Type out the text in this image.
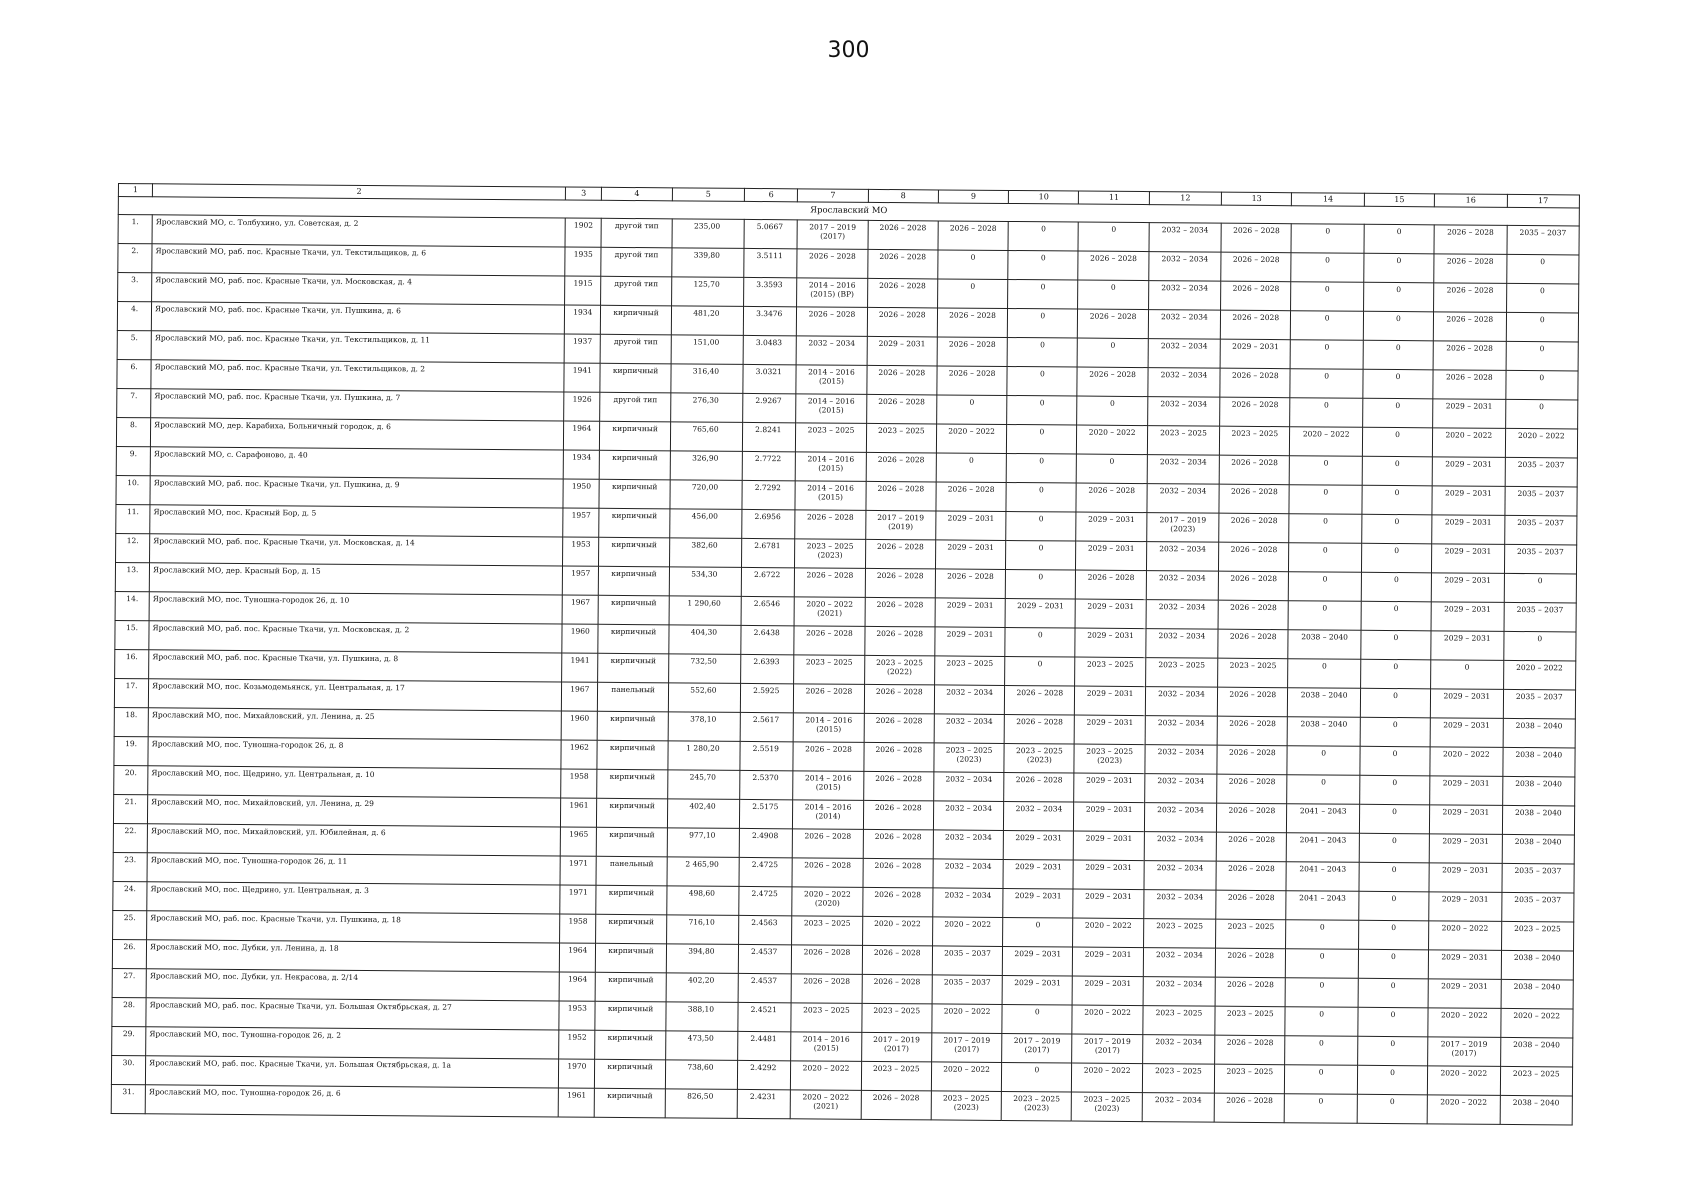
300
1	2	3	4	5	6	7	8	9	10	11	12	13	14	15	16	17
Ярославский МО																
1.	Ярославский МО, с. Толбухино, ул. Советская, д. 2	1902	другой тип	235,00	5.0667	2017 – 2019 (2017)	2026 – 2028	2026 – 2028	0	0	2032 – 2034	2026 – 2028	0	0	2026 – 2028	2035 – 2037
2.	Ярославский МО, раб. пос. Красные Ткачи, ул. Текстильщиков, д. 6	1935	другой тип	339,80	3.5111	2026 – 2028	2026 – 2028	0	0	2026 – 2028	2032 – 2034	2026 – 2028	0	0	2026 – 2028	0
3.	Ярославский МО, раб. пос. Красные Ткачи, ул. Московская, д. 4	1915	другой тип	125,70	3.3593	2014 – 2016 (2015) (ВР)	2026 – 2028	0	0	0	2032 – 2034	2026 – 2028	0	0	2026 – 2028	0
4.	Ярославский МО, раб. пос. Красные Ткачи, ул. Пушкина, д. 6	1934	кирпичный	481,20	3.3476	2026 – 2028	2026 – 2028	2026 – 2028	0	2026 – 2028	2032 – 2034	2026 – 2028	0	0	2026 – 2028	0
5.	Ярославский МО, раб. пос. Красные Ткачи, ул. Текстильщиков, д. 11	1937	другой тип	151,00	3.0483	2032 – 2034	2029 – 2031	2026 – 2028	0	0	2032 – 2034	2029 – 2031	0	0	2026 – 2028	0
6.	Ярославский МО, раб. пос. Красные Ткачи, ул. Текстильщиков, д. 2	1941	кирпичный	316,40	3.0321	2014 – 2016 (2015)	2026 – 2028	2026 – 2028	0	2026 – 2028	2032 – 2034	2026 – 2028	0	0	2026 – 2028	0
7.	Ярославский МО, раб. пос. Красные Ткачи, ул. Пушкина, д. 7	1926	другой тип	276,30	2.9267	2014 – 2016 (2015)	2026 – 2028	0	0	0	2032 – 2034	2026 – 2028	0	0	2029 – 2031	0
8.	Ярославский МО, дер. Карабиха, Больничный городок, д. 6	1964	кирпичный	765,60	2.8241	2023 – 2025	2023 – 2025	2020 – 2022	0	2020 – 2022	2023 – 2025	2023 – 2025	2020 – 2022	0	2020 – 2022	2020 – 2022
9.	Ярославский МО, с. Сарафоново, д. 40	1934	кирпичный	326,90	2.7722	2014 – 2016 (2015)	2026 – 2028	0	0	0	2032 – 2034	2026 – 2028	0	0	2029 – 2031	2035 – 2037
10.	Ярославский МО, раб. пос. Красные Ткачи, ул. Пушкина, д. 9	1950	кирпичный	720,00	2.7292	2014 – 2016 (2015)	2026 – 2028	2026 – 2028	0	2026 – 2028	2032 – 2034	2026 – 2028	0	0	2029 – 2031	2035 – 2037
11.	Ярославский МО, пос. Красный Бор, д. 5	1957	кирпичный	456,00	2.6956	2026 – 2028	2017 – 2019 (2019)	2029 – 2031	0	2029 – 2031	2017 – 2019 (2023)	2026 – 2028	0	0	2029 – 2031	2035 – 2037
12.	Ярославский МО, раб. пос. Красные Ткачи, ул. Московская, д. 14	1953	кирпичный	382,60	2.6781	2023 – 2025 (2023)	2026 – 2028	2029 – 2031	0	2029 – 2031	2032 – 2034	2026 – 2028	0	0	2029 – 2031	2035 – 2037
13.	Ярославский МО, дер. Красный Бор, д. 15	1957	кирпичный	534,30	2.6722	2026 – 2028	2026 – 2028	2026 – 2028	0	2026 – 2028	2032 – 2034	2026 – 2028	0	0	2029 – 2031	0
14.	Ярославский МО, пос. Туношна-городок 26, д. 10	1967	кирпичный	1 290,60	2.6546	2020 – 2022 (2021)	2026 – 2028	2029 – 2031	2029 – 2031	2029 – 2031	2032 – 2034	2026 – 2028	0	0	2029 – 2031	2035 – 2037
15.	Ярославский МО, раб. пос. Красные Ткачи, ул. Московская, д. 2	1960	кирпичный	404,30	2.6438	2026 – 2028	2026 – 2028	2029 – 2031	0	2029 – 2031	2032 – 2034	2026 – 2028	2038 – 2040	0	2029 – 2031	0
16.	Ярославский МО, раб. пос. Красные Ткачи, ул. Пушкина, д. 8	1941	кирпичный	732,50	2.6393	2023 – 2025	2023 – 2025 (2022)	2023 – 2025	0	2023 – 2025	2023 – 2025	2023 – 2025	0	0	0	2020 – 2022
17.	Ярославский МО, пос. Козьмодемьянск, ул. Центральная, д. 17	1967	панельный	552,60	2.5925	2026 – 2028	2026 – 2028	2032 – 2034	2026 – 2028	2029 – 2031	2032 – 2034	2026 – 2028	2038 – 2040	0	2029 – 2031	2035 – 2037
18.	Ярославский МО, пос. Михайловский, ул. Ленина, д. 25	1960	кирпичный	378,10	2.5617	2014 – 2016 (2015)	2026 – 2028	2032 – 2034	2026 – 2028	2029 – 2031	2032 – 2034	2026 – 2028	2038 – 2040	0	2029 – 2031	2038 – 2040
19.	Ярославский МО, пос. Туношна-городок 26, д. 8	1962	кирпичный	1 280,20	2.5519	2026 – 2028	2026 – 2028	2023 – 2025 (2023)	2023 – 2025 (2023)	2023 – 2025 (2023)	2032 – 2034	2026 – 2028	0	0	2020 – 2022	2038 – 2040
20.	Ярославский МО, пос. Щедрино, ул. Центральная, д. 10	1958	кирпичный	245,70	2.5370	2014 – 2016 (2015)	2026 – 2028	2032 – 2034	2026 – 2028	2029 – 2031	2032 – 2034	2026 – 2028	0	0	2029 – 2031	2038 – 2040
21.	Ярославский МО, пос. Михайловский, ул. Ленина, д. 29	1961	кирпичный	402,40	2.5175	2014 – 2016 (2014)	2026 – 2028	2032 – 2034	2032 – 2034	2029 – 2031	2032 – 2034	2026 – 2028	2041 – 2043	0	2029 – 2031	2038 – 2040
22.	Ярославский МО, пос. Михайловский, ул. Юбилейная, д. 6	1965	кирпичный	977,10	2.4908	2026 – 2028	2026 – 2028	2032 – 2034	2029 – 2031	2029 – 2031	2032 – 2034	2026 – 2028	2041 – 2043	0	2029 – 2031	2038 – 2040
23.	Ярославский МО, пос. Туношна-городок 26, д. 11	1971	панельный	2 465,90	2.4725	2026 – 2028	2026 – 2028	2032 – 2034	2029 – 2031	2029 – 2031	2032 – 2034	2026 – 2028	2041 – 2043	0	2029 – 2031	2035 – 2037
24.	Ярославский МО, пос. Щедрино, ул. Центральная, д. 3	1971	кирпичный	498,60	2.4725	2020 – 2022 (2020)	2026 – 2028	2032 – 2034	2029 – 2031	2029 – 2031	2032 – 2034	2026 – 2028	2041 – 2043	0	2029 – 2031	2035 – 2037
25.	Ярославский МО, раб. пос. Красные Ткачи, ул. Пушкина, д. 18	1958	кирпичный	716,10	2.4563	2023 – 2025	2020 – 2022	2020 – 2022	0	2020 – 2022	2023 – 2025	2023 – 2025	0	0	2020 – 2022	2023 – 2025
26.	Ярославский МО, пос. Дубки, ул. Ленина, д. 18	1964	кирпичный	394,80	2.4537	2026 – 2028	2026 – 2028	2035 – 2037	2029 – 2031	2029 – 2031	2032 – 2034	2026 – 2028	0	0	2029 – 2031	2038 – 2040
27.	Ярославский МО, пос. Дубки, ул. Некрасова, д. 2/14	1964	кирпичный	402,20	2.4537	2026 – 2028	2026 – 2028	2035 – 2037	2029 – 2031	2029 – 2031	2032 – 2034	2026 – 2028	0	0	2029 – 2031	2038 – 2040
28.	Ярославский МО, раб. пос. Красные Ткачи, ул. Большая Октябрьская, д. 27	1953	кирпичный	388,10	2.4521	2023 – 2025	2023 – 2025	2020 – 2022	0	2020 – 2022	2023 – 2025	2023 – 2025	0	0	2020 – 2022	2020 – 2022
29.	Ярославский МО, пос. Туношна-городок 26, д. 2	1952	кирпичный	473,50	2.4481	2014 – 2016 (2015)	2017 – 2019 (2017)	2017 – 2019 (2017)	2017 – 2019 (2017)	2017 – 2019 (2017)	2032 – 2034	2026 – 2028	0	0	2017 – 2019 (2017)	2038 – 2040
30.	Ярославский МО, раб. пос. Красные Ткачи, ул. Большая Октябрьская, д. 1а	1970	кирпичный	738,60	2.4292	2020 – 2022	2023 – 2025	2020 – 2022	0	2020 – 2022	2023 – 2025	2023 – 2025	0	0	2020 – 2022	2023 – 2025
31.	Ярославский МО, пос. Туношна-городок 26, д. 6	1961	кирпичный	826,50	2.4231	2020 – 2022 (2021)	2026 – 2028	2023 – 2025 (2023)	2023 – 2025 (2023)	2023 – 2025 (2023)	2032 – 2034	2026 – 2028	0	0	2020 – 2022	2038 – 2040
